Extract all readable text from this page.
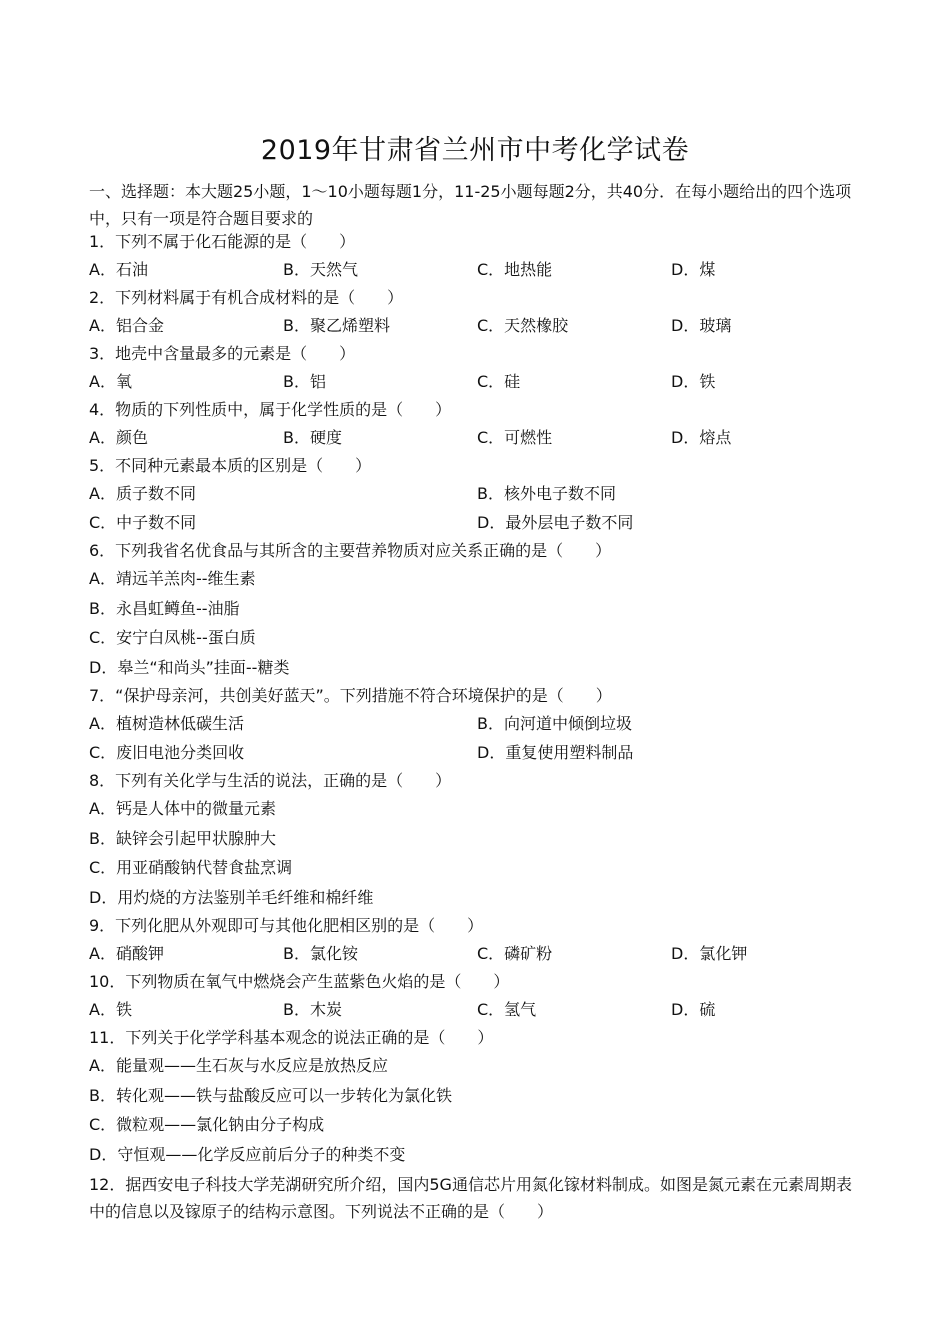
2019年甘肃省兰州市中考化学试卷
一、选择题：本大题25小题，1～10小题每题1分，11-25小题每题2分，共40分．在每小题给出的四个选项中，只有一项是符合题目要求的
1．下列不属于化石能源的是（　　）
A．石油	B．天然气	C．地热能	D．煤
2．下列材料属于有机合成材料的是（　　）
A．铝合金	B．聚乙烯塑料	C．天然橡胶	D．玻璃
3．地壳中含量最多的元素是（　　）
A．氧	B．铝	C．硅	D．铁
4．物质的下列性质中，属于化学性质的是（　　）
A．颜色	B．硬度	C．可燃性	D．熔点
5．不同种元素最本质的区别是（　　）
A．质子数不同	B．核外电子数不同
C．中子数不同	D．最外层电子数不同
6．下列我省名优食品与其所含的主要营养物质对应关系正确的是（　　）
A．靖远羊羔肉--维生素
B．永昌虹鳟鱼--油脂
C．安宁白凤桃--蛋白质
D．皋兰“和尚头”挂面--糖类
7．“保护母亲河，共创美好蓝天”。下列措施不符合环境保护的是（　　）
A．植树造林低碳生活	B．向河道中倾倒垃圾
C．废旧电池分类回收	D．重复使用塑料制品
8．下列有关化学与生活的说法，正确的是（　　）
A．钙是人体中的微量元素
B．缺锌会引起甲状腺肿大
C．用亚硝酸钠代替食盐烹调
D．用灼烧的方法鉴别羊毛纤维和棉纤维
9．下列化肥从外观即可与其他化肥相区别的是（　　）
A．硝酸钾	B．氯化铵	C．磷矿粉	D．氯化钾
10．下列物质在氧气中燃烧会产生蓝紫色火焰的是（　　）
A．铁	B．木炭	C．氢气	D．硫
11．下列关于化学学科基本观念的说法正确的是（　　）
A．能量观——生石灰与水反应是放热反应
B．转化观——铁与盐酸反应可以一步转化为氯化铁
C．微粒观——氯化钠由分子构成
D．守恒观——化学反应前后分子的种类不变
12．据西安电子科技大学芜湖研究所介绍，国内5G通信芯片用氮化镓材料制成。如图是氮元素在元素周期表中的信息以及镓原子的结构示意图。下列说法不正确的是（　　）
